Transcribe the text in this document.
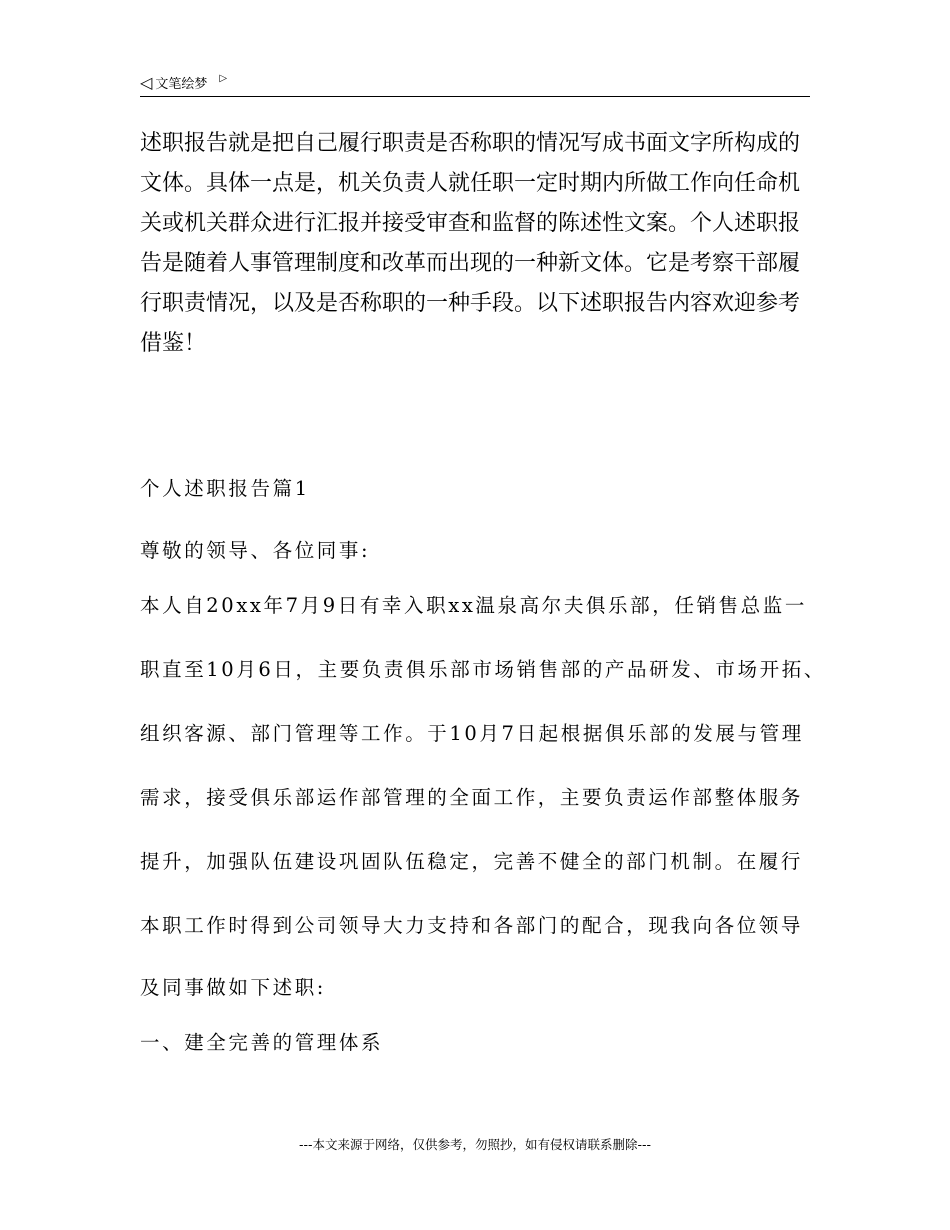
◁ 文笔绘梦 ▷
述职报告就是把自己履行职责是否称职的情况写成书面文字所构成的
文体。具体一点是，机关负责人就任职一定时期内所做工作向任命机
关或机关群众进行汇报并接受审查和监督的陈述性文案。个人述职报
告是随着人事管理制度和改革而出现的一种新文体。它是考察干部履
行职责情况，以及是否称职的一种手段。以下述职报告内容欢迎参考
借鉴！
个人述职报告篇1
尊敬的领导、各位同事:
本人自20xx年7月9日有幸入职xx温泉高尔夫俱乐部，任销售总监一
职直至10月6日，主要负责俱乐部市场销售部的产品研发、市场开拓、
组织客源、部门管理等工作。于10月7日起根据俱乐部的发展与管理
需求，接受俱乐部运作部管理的全面工作，主要负责运作部整体服务
提升，加强队伍建设巩固队伍稳定，完善不健全的部门机制。在履行
本职工作时得到公司领导大力支持和各部门的配合，现我向各位领导
及同事做如下述职:
一、建全完善的管理体系
---本文来源于网络，仅供参考，勿照抄，如有侵权请联系删除---
